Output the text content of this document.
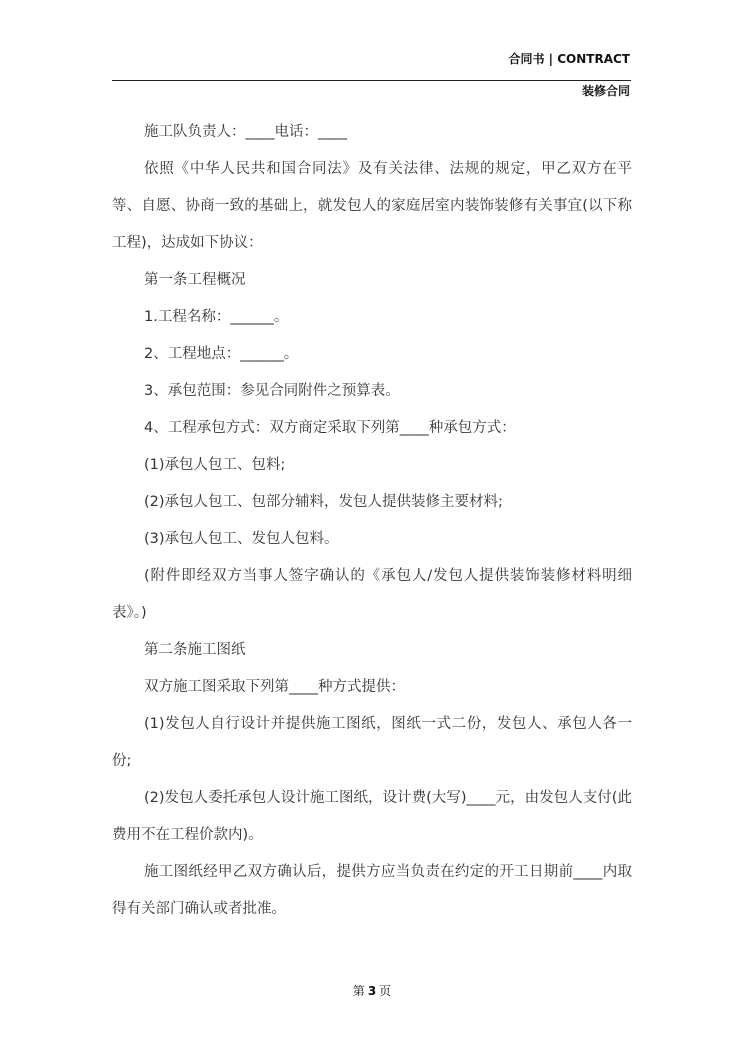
合同书 | CONTRACT
装修合同

施工队负责人：____电话：____

依照《中华人民共和国合同法》及有关法律、法规的规定，甲乙双方在平等、自愿、协商一致的基础上，就发包人的家庭居室内装饰装修有关事宜(以下称工程)，达成如下协议：

第一条工程概况

1.工程名称：______。

2、工程地点：______。

3、承包范围：参见合同附件之预算表。

4、工程承包方式：双方商定采取下列第____种承包方式：

(1)承包人包工、包料;

(2)承包人包工、包部分辅料，发包人提供装修主要材料;

(3)承包人包工、发包人包料。

(附件即经双方当事人签字确认的《承包人/发包人提供装饰装修材料明细表》。)

第二条施工图纸

双方施工图采取下列第____种方式提供：

(1)发包人自行设计并提供施工图纸，图纸一式二份，发包人、承包人各一份;

(2)发包人委托承包人设计施工图纸，设计费(大写)____元，由发包人支付(此费用不在工程价款内)。

施工图纸经甲乙双方确认后，提供方应当负责在约定的开工日期前____内取得有关部门确认或者批准。

第 3 页
